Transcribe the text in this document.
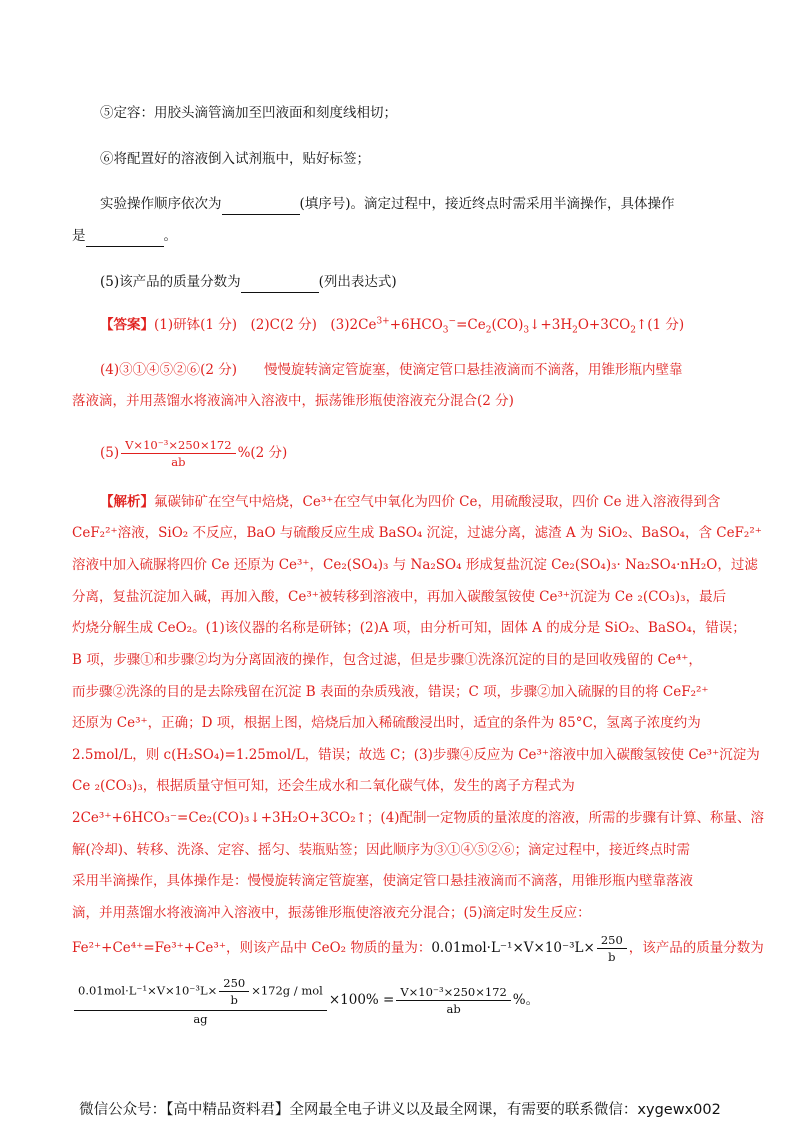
⑤定容：用胶头滴管滴加至凹液面和刻度线相切；
⑥将配置好的溶液倒入试剂瓶中，贴好标签；
实验操作顺序依次为	(填序号)。滴定过程中，接近终点时需采用半滴操作，具体操作
是	。
(5)该产品的质量分数为	(列出表达式)
【答案】(1)研钵(1 分)　(2)C(2 分)　$(3)2Ce^{3+}+6HCO_3^-=Ce_2(CO)_3↓+3H_2O+3CO_2↑(1$ 分)
(4)③①④⑤②⑥(2 分)　　慢慢旋转滴定管旋塞，使滴定管口悬挂液滴而不滴落，用锥形瓶内壁靠
落液滴，并用蒸馏水将液滴冲入溶液中，振荡锥形瓶使溶液充分混合(2 分)
$(5) \frac{\text{V×10⁻³×250×172}}{ab} \%(2$ 分)
【解析】氟碳铈矿在空气中焙烧，Ce³⁺在空气中氧化为四价 Ce，用硫酸浸取，四价 Ce 进入溶液得到含
CeF₂²⁺溶液，SiO₂ 不反应，BaO 与硫酸反应生成 BaSO₄ 沉淀，过滤分离，滤渣 A 为 SiO₂、BaSO₄，含 CeF₂²⁺
溶液中加入硫脲将四价 Ce 还原为 Ce³⁺，Ce₂(SO₄)₃ 与 Na₂SO₄ 形成复盐沉淀 Ce₂(SO₄)₃· Na₂SO₄·nH₂O，过滤
分离，复盐沉淀加入碱，再加入酸，Ce³⁺被转移到溶液中，再加入碳酸氢铵使 Ce³⁺沉淀为 Ce ₂(CO₃)₃，最后
灼烧分解生成 CeO₂。(1)该仪器的名称是研钵；(2)A 项，由分析可知，固体 A 的成分是 SiO₂、BaSO₄，错误；
B 项，步骤①和步骤②均为分离固液的操作，包含过滤，但是步骤①洗涤沉淀的目的是回收残留的 Ce⁴⁺，
而步骤②洗涤的目的是去除残留在沉淀 B 表面的杂质残液，错误；C 项，步骤②加入硫脲的目的将 CeF₂²⁺
还原为 Ce³⁺，正确；D 项，根据上图，焙烧后加入稀硫酸浸出时，适宜的条件为 85°C，氢离子浓度约为
2.5mol/L，则 c(H₂SO₄)=1.25mol/L，错误；故选 C；(3)步骤④反应为 Ce³⁺溶液中加入碳酸氢铵使 Ce³⁺沉淀为
Ce ₂(CO₃)₃，根据质量守恒可知，还会生成水和二氧化碳气体，发生的离子方程式为
2Ce³⁺+6HCO₃⁻=Ce₂(CO)₃↓+3H₂O+3CO₂↑；(4)配制一定物质的量浓度的溶液，所需的步骤有计算、称量、溶
解(冷却)、转移、洗涤、定容、摇匀、装瓶贴签；因此顺序为③①④⑤②⑥；滴定过程中，接近终点时需
采用半滴操作，具体操作是：慢慢旋转滴定管旋塞，使滴定管口悬挂液滴而不滴落，用锥形瓶内壁靠落液
滴，并用蒸馏水将液滴冲入溶液中，振荡锥形瓶使溶液充分混合；(5)滴定时发生反应：
Fe²⁺+Ce⁴⁺=Fe³⁺+Ce³⁺，则该产品中 CeO₂ 物质的量为：$0.01mol\cdot L^{-1}\times V\times 10^{-3}L\times \frac{250}{b}$ ，该产品的质量分数为
$\frac{0.01mol\cdot L^{-1}\times V\times 10^{-3}L\times \frac{250}{b} \times 172g / mol}{ag} \times 100\% = \frac{\text{V×10⁻³×250×172}}{ab}$ %。
微信公众号：【高中精品资料君】全网最全电子讲义以及最全网课，有需要的联系微信：xygewx002
